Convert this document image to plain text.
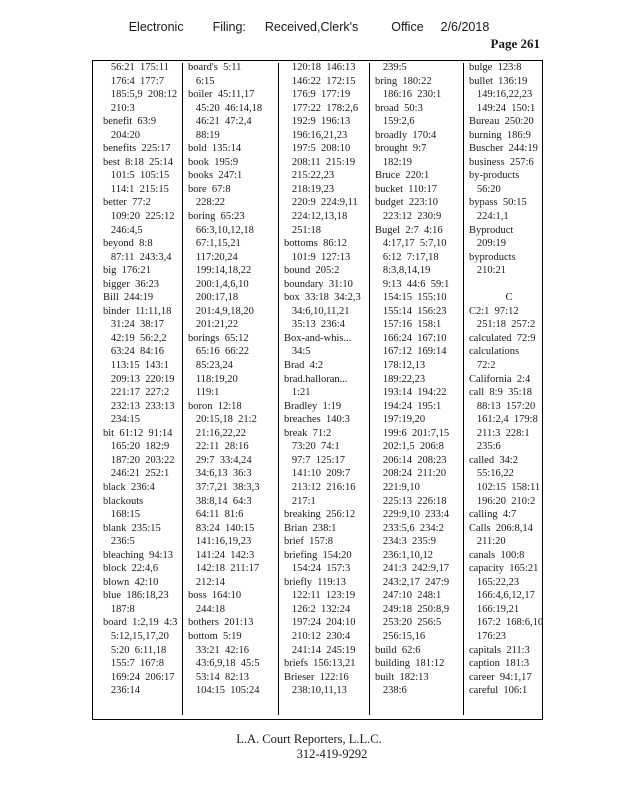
Electronic Filing: Received,Clerk's	Office 2/6/2018
Page 261
56:21  175:11
176:4  177:7
185:5,9  208:12
210:3
benefit  63:9
204:20
benefits  225:17
best  8:18  25:14
101:5  105:15
114:1  215:15
better  77:2
109:20  225:12
246:4,5
beyond  8:8
87:11  243:3,4
big  176:21
bigger  36:23
Bill  244:19
binder  11:11,18
31:24  38:17
42:19  56:2,2
63:24  84:16
113:15  143:1
209:13  220:19
221:17  227:2
232:13  233:13
234:15
bit  61:12  91:14
165:20  182:9
187:20  203:22
246:21  252:1
black  236:4
blackouts
168:15
blank  235:15
236:5
bleaching  94:13
block  22:4,6
blown  42:10
blue  186:18,23
187:8
board  1:2,19  4:3
5:12,15,17,20
5:20  6:11,18
155:7  167:8
169:24  206:17
236:14
board's  5:11
6:15
boiler  45:11,17
45:20  46:14,18
46:21  47:2,4
88:19
bold  135:14
book  195:9
books  247:1
bore  67:8
228:22
boring  65:23
66:3,10,12,18
67:1,15,21
117:20,24
199:14,18,22
200:1,4,6,10
200:17,18
201:4,9,18,20
201:21,22
borings  65:12
65:16  66:22
85:23,24
118:19,20
119:1
boron  12:18
20:15,18  21:2
21:16,22,22
22:11  28:16
29:7  33:4,24
34:6,13  36:3
37:7,21  38:3,3
38:8,14  64:3
64:11  81:6
83:24  140:15
141:16,19,23
141:24  142:3
142:18  211:17
212:14
boss  164:10
244:18
bothers  201:13
bottom  5:19
33:21  42:16
43:6,9,18  45:5
53:14  82:13
104:15  105:24
120:18  146:13
146:22  172:15
176:9  177:19
177:22  178:2,6
192:9  196:13
196:16,21,23
197:5  208:10
208:11  215:19
215:22,23
218:19,23
220:9  224:9,11
224:12,13,18
251:18
bottoms  86:12
101:9  127:13
bound  205:2
boundary  31:10
box  33:18  34:2,3
34:6,10,11,21
35:13  236:4
Box-and-whis...
34:5
Brad  4:2
brad.halloran...
1:21
Bradley  1:19
breaches  140:3
break  71:2
73:20  74:1
97:7  125:17
141:10  209:7
213:12  216:16
217:1
breaking  256:12
Brian  238:1
brief  157:8
briefing  154:20
154:24  157:3
briefly  119:13
122:11  123:19
126:2  132:24
197:24  204:10
210:12  230:4
241:14  245:19
briefs  156:13,21
Brieser  122:16
238:10,11,13
239:5
bring  180:22
186:16  230:1
broad  50:3
159:2,6
broadly  170:4
brought  9:7
182:19
Bruce  220:1
bucket  110:17
budget  223:10
223:12  230:9
Bugel  2:7  4:16
4:17,17  5:7,10
6:12  7:17,18
8:3,8,14,19
9:13  44:6  59:1
154:15  155:10
155:14  156:23
157:16  158:1
166:24  167:10
167:12  169:14
178:12,13
189:22,23
193:14  194:22
194:24  195:1
197:19,20
199:6  201:7,15
202:1,5  206:8
206:14  208:23
208:24  211:20
221:9,10
225:13  226:18
229:9,10  233:4
233:5,6  234:2
234:3  235:9
236:1,10,12
241:3  242:9,17
243:2,17  247:9
247:10  248:1
249:18  250:8,9
253:20  256:5
256:15,16
build  62:6
building  181:12
built  182:13
238:6
bulge  123:8
bullet  136:19
149:16,22,23
149:24  150:1
Bureau  250:20
burning  186:9
Buscher  244:19
business  257:6
by-products
56:20
bypass  50:15
224:1,1
Byproduct
209:19
byproducts
210:21
C
C2:1  97:12
251:18  257:2
calculated  72:9
calculations
72:2
California  2:4
call  8:9  35:18
88:13  157:20
161:2,4  179:8
211:3  228:1
235:6
called  34:2
55:16,22
102:15  158:11
196:20  210:2
calling  4:7
Calls  206:8,14
211:20
canals  100:8
capacity  165:21
165:22,23
166:4,6,12,17
166:19,21
167:2  168:6,10
176:23
capitals  211:3
caption  181:3
career  94:1,17
careful  106:1
L.A. Court Reporters, L.L.C.
312-419-9292
